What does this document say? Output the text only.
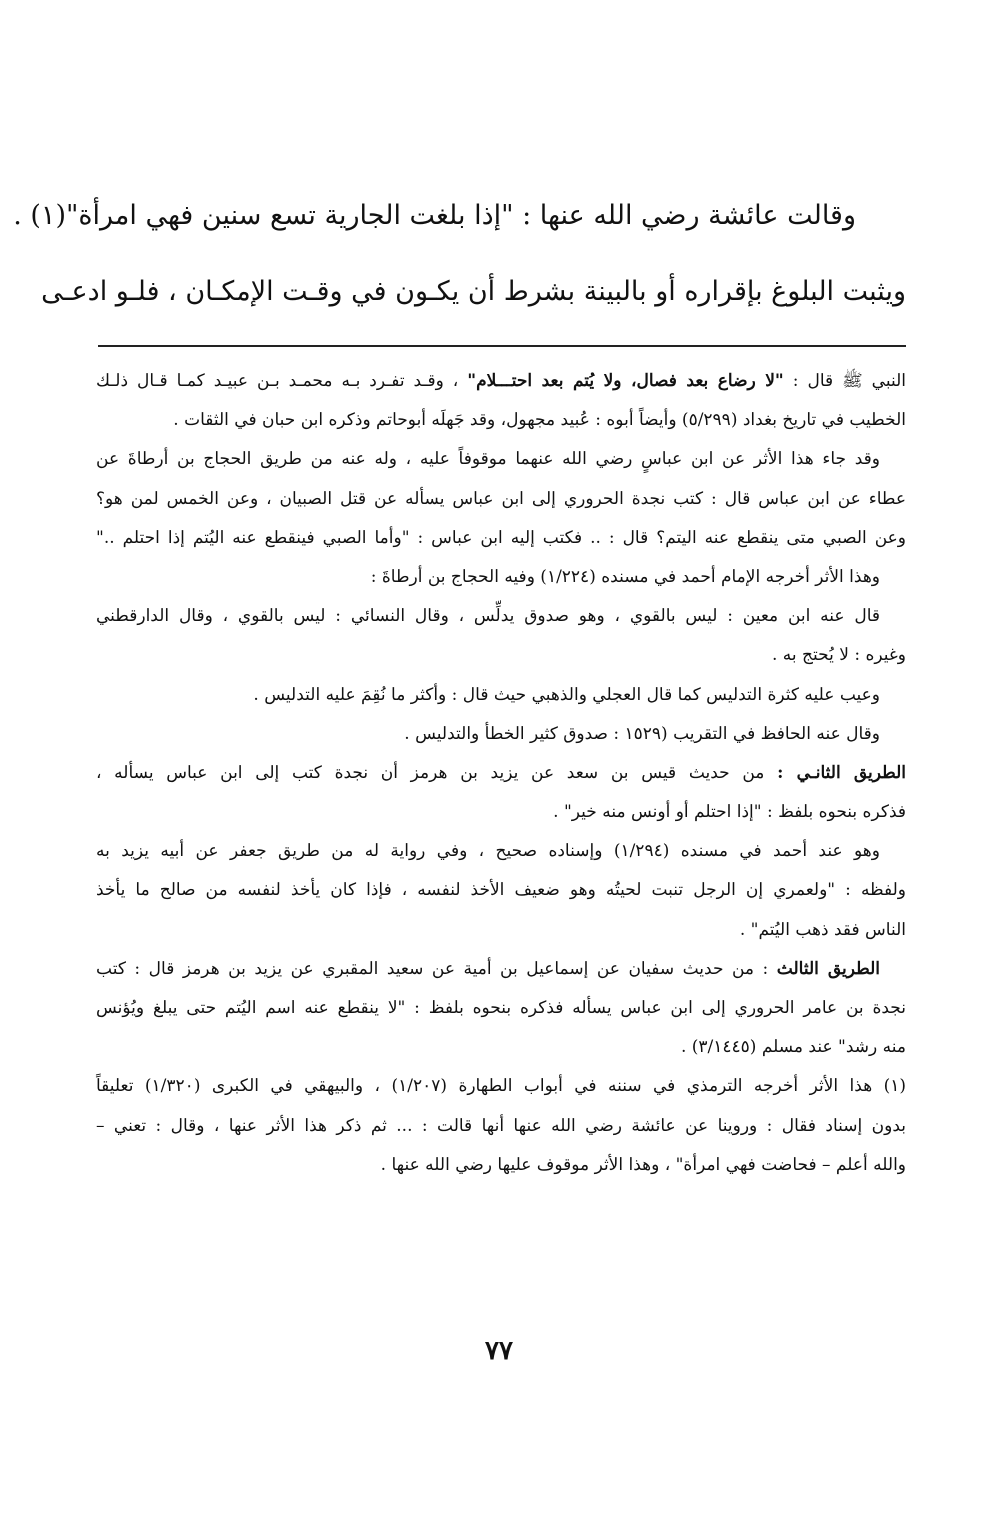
وقالت عائشة رضي الله عنها : "إذا بلغت الجارية تسع سنين فهي امرأة"(١) .
ويثبت البلوغ بإقراره أو بالبينة بشرط أن يكـون في وقـت الإمكـان ، فلـو ادعـى
النبي ﷺ قال : "لا رضاع بعد فصال، ولا يُتم بعد احتـــلام" ، وقـد تفـرد بـه محمـد بـن عبيـد كمـا قـال ذلـك
الخطيب في تاريخ بغداد (٥/٢٩٩) وأيضاً أبوه : عُبيد مجهول، وقد جَهلَه أبوحاتم وذكره ابن حبان في الثقات .
وقد جاء هذا الأثر عن ابن عباسٍ رضي الله عنهما موقوفاً عليه ، وله عنه من طريق الحجاج بن أرطاةَ عن
عطاء عن ابن عباس قال : كتب نجدة الحروري إلى ابن عباس يسأله عن قتل الصبيان ، وعن الخمس لمن هو؟
وعن الصبي متى ينقطع عنه اليتم؟ قال : .. فكتب إليه ابن عباس : "وأما الصبي فينقطع عنه اليُتم إذا احتلم .."
وهذا الأثر أخرجه الإمام أحمد في مسنده (١/٢٢٤) وفيه الحجاج بن أرطاةَ :
قال عنه ابن معين : ليس بالقوي ، وهو صدوق يدلِّس ، وقال النسائي : ليس بالقوي ، وقال الدارقطني
وغيره : لا يُحتج به .
وعيب عليه كثرة التدليس كما قال العجلي والذهبي حيث قال : وأكثر ما نُقِمَ عليه التدليس .
وقال عنه الحافظ في التقريب (١٥٢٩ : صدوق كثير الخطأ والتدليس .
الطريق الثانـي : من حديث قيس بن سعد عن يزيد بن هرمز أن نجدة كتب إلى ابن عباس يسأله ،
فذكره بنحوه بلفظ : "إذا احتلم أو أونس منه خير" .
وهو عند أحمد في مسنده (١/٢٩٤) وإسناده صحيح ، وفي رواية له من طريق جعفر عن أبيه يزيد به
ولفظه : "ولعمري إن الرجل تنبت لحيتُه وهو ضعيف الأخذ لنفسه ، فإذا كان يأخذ لنفسه من صالح ما يأخذ
الناس فقد ذهب اليُتم" .
الطريق الثالث : من حديث سفيان عن إسماعيل بن أمية عن سعيد المقبري عن يزيد بن هرمز قال : كتب
نجدة بن عامر الحروري إلى ابن عباس يسأله فذكره بنحوه بلفظ : "لا ينقطع عنه اسم اليُتم حتى يبلغ ويُؤنس
منه رشد" عند مسلم (٣/١٤٤٥) .
(١) هذا الأثر أخرجه الترمذي في سننه في أبواب الطهارة (١/٢٠٧) ، والبيهقي في الكبرى (١/٣٢٠) تعليقاً
بدون إسناد فقال : وروينا عن عائشة رضي الله عنها أنها قالت : ... ثم ذكر هذا الأثر عنها ، وقال : تعني –
والله أعلم – فحاضت فهي امرأة" ، وهذا الأثر موقوف عليها رضي الله عنها .
٧٧
